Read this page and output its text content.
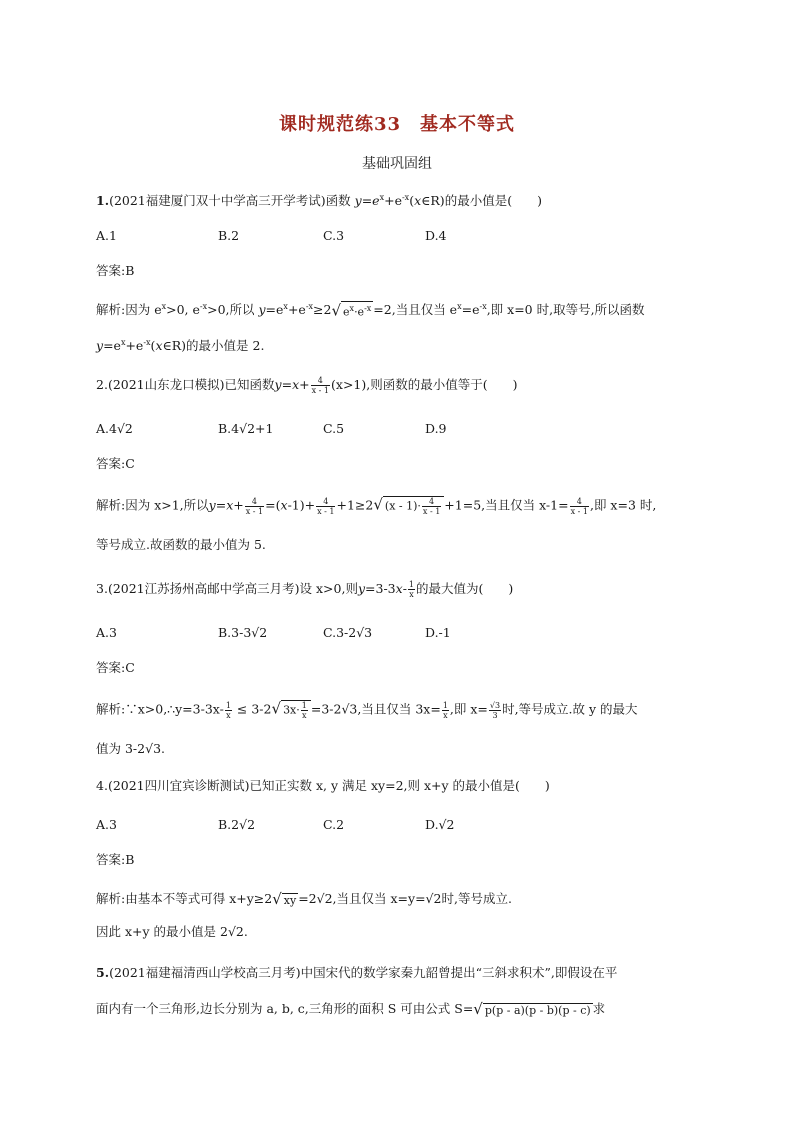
课时规范练33　基本不等式
基础巩固组
1.(2021福建厦门双十中学高三开学考试)函数 $y=e^x+e^{-x}(x\in R)$的最小值是(　　)
A.1	B.2	C.3	D.4
答案:B
解析:因为 $e^x>0$, $e^{-x}>0$,所以 $y=e^x+e^{-x}\ge 2√$ $e^x\cdot e^{-x} =2$,当且仅当 $e^x=e^{-x}$,即 x=0 时,取等号,所以函数
$y=e^x+e^{-x}(x\in R)$的最小值是 2.
2.(2021山东龙口模拟)已知函数$y=x+ \frac{4}{x - 1} (x>1)$,则函数的最小值等于(　　)
A.4√2	B.4√2+1	C.5	D.9
答案:C
解析:因为 x>1,所以$y=x+ \frac{4}{x - 1} =(x-1)+ \frac{4}{x - 1} +1\ge 2√$ $(x - 1)\cdot \frac{4}{x - 1} +1=5$,当且仅当 $x-1= \frac{4}{x - 1}$ ,即 x=3 时,
等号成立.故函数的最小值为 5.
3.(2021江苏扬州高邮中学高三月考)设 x>0,则$y=3-3x- \frac{1}{x}$ 的最大值为(　　)
A.3	B.3-3√2	C.3-2√3	D.-1
答案:C
解析:∵x>0,∴y=3-3x- $\frac{1}{x} \le 3-2√$ $3x\cdot \frac{1}{x} =3-2√3$,当且仅当 $3x= \frac{1}{x}$ ,即 $x= \frac{√3}{3}$ 时,等号成立.故 y 的最大
值为 3-2√3.
4.(2021四川宜宾诊断测试)已知正实数 x, y 满足 xy=2,则 x+y 的最小值是(　　)
A.3	B.2√2	C.2	D.√2
答案:B
解析:由基本不等式可得 x+y≥2√ xy =2√2,当且仅当 x=y=√2时,等号成立.
因此 x+y 的最小值是 2√2.
5.(2021福建福清西山学校高三月考)中国宋代的数学家秦九韶曾提出“三斜求积术”,即假设在平
面内有一个三角形,边长分别为 a, b, c,三角形的面积 S 可由公式 S=√ p(p - a)(p - b)(p - c) 求
